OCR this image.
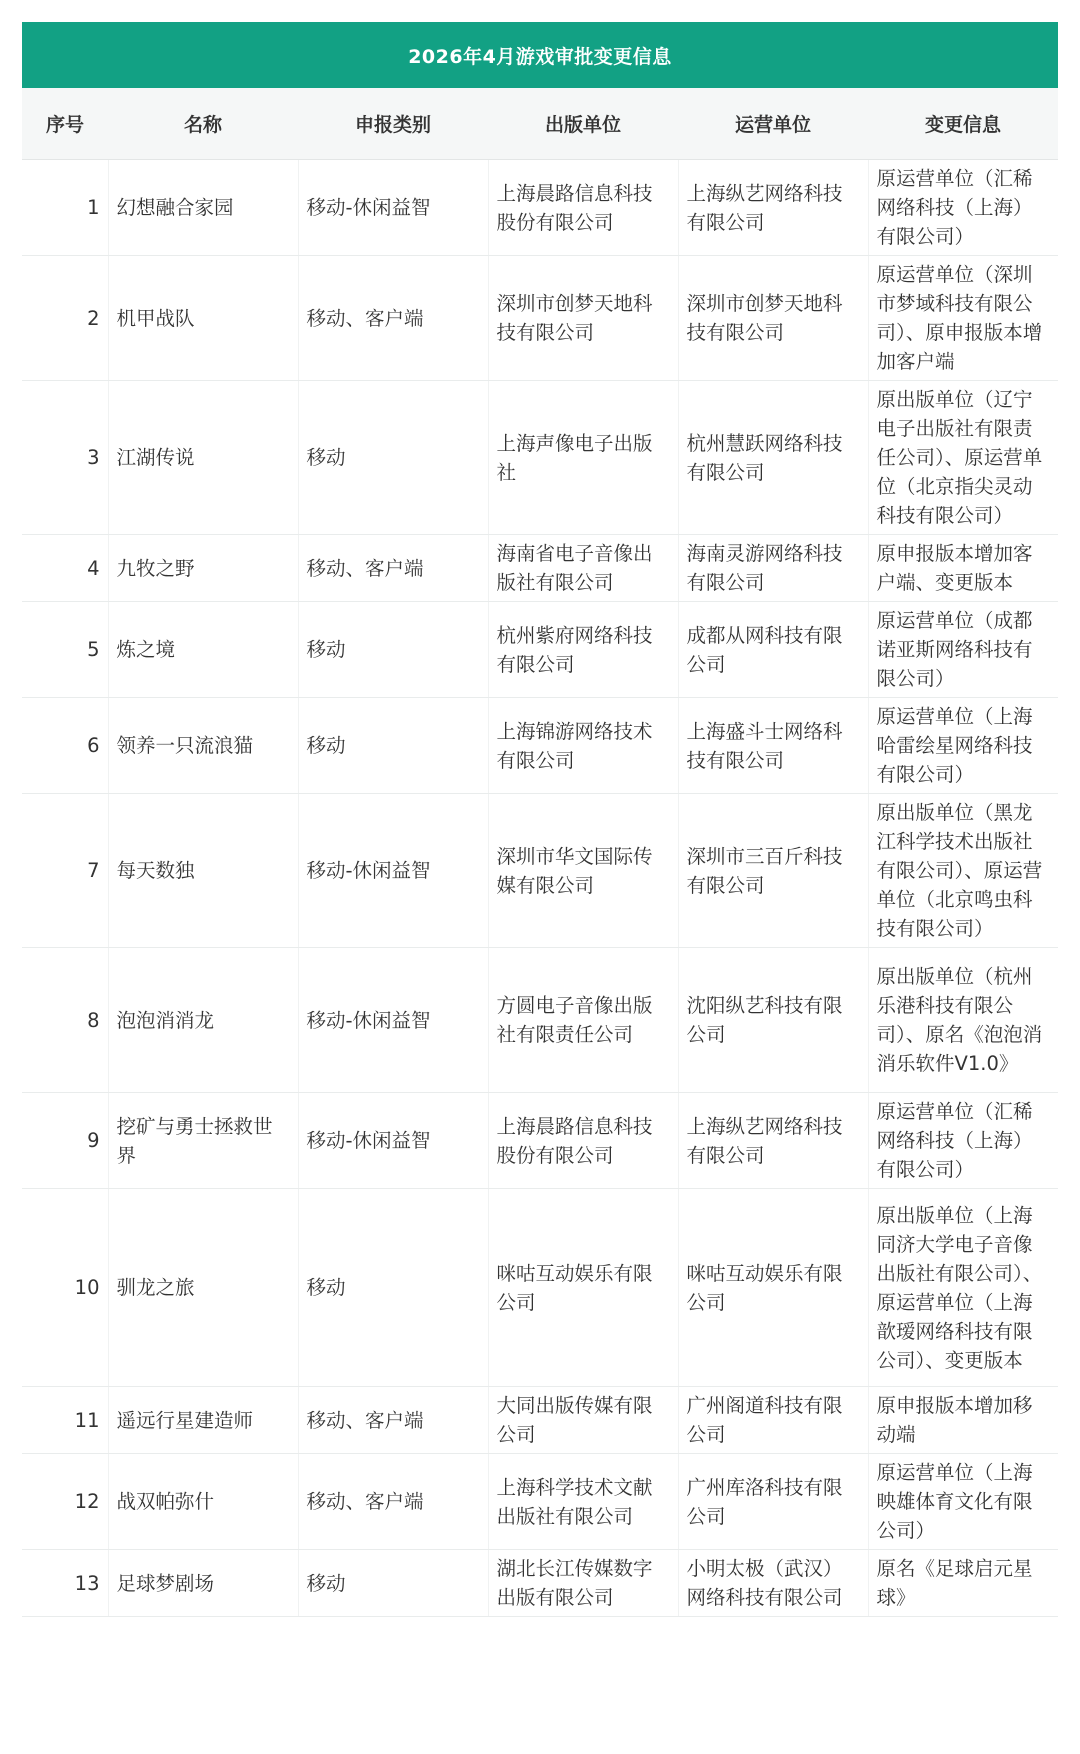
2026年4月游戏审批变更信息
序号	名称	申报类别	出版单位	运营单位	变更信息
1	幻想融合家园	移动-休闲益智	上海晨路信息科技股份有限公司	上海纵艺网络科技有限公司	原运营单位（汇稀网络科技（上海）有限公司）
2	机甲战队	移动、客户端	深圳市创梦天地科技有限公司	深圳市创梦天地科技有限公司	原运营单位（深圳市梦域科技有限公司）、原申报版本增加客户端
3	江湖传说	移动	上海声像电子出版社	杭州慧跃网络科技有限公司	原出版单位（辽宁电子出版社有限责任公司）、原运营单位（北京指尖灵动科技有限公司）
4	九牧之野	移动、客户端	海南省电子音像出版社有限公司	海南灵游网络科技有限公司	原申报版本增加客户端、变更版本
5	炼之境	移动	杭州紫府网络科技有限公司	成都从网科技有限公司	原运营单位（成都诺亚斯网络科技有限公司）
6	领养一只流浪猫	移动	上海锦游网络技术有限公司	上海盛斗士网络科技有限公司	原运营单位（上海哈雷绘星网络科技有限公司）
7	每天数独	移动-休闲益智	深圳市华文国际传媒有限公司	深圳市三百斤科技有限公司	原出版单位（黑龙江科学技术出版社有限公司）、原运营单位（北京鸣虫科技有限公司）
8	泡泡消消龙	移动-休闲益智	方圆电子音像出版社有限责任公司	沈阳纵艺科技有限公司	原出版单位（杭州乐港科技有限公司）、原名《泡泡消消乐软件V1.0》
9	挖矿与勇士拯救世界	移动-休闲益智	上海晨路信息科技股份有限公司	上海纵艺网络科技有限公司	原运营单位（汇稀网络科技（上海）有限公司）
10	驯龙之旅	移动	咪咕互动娱乐有限公司	咪咕互动娱乐有限公司	原出版单位（上海同济大学电子音像出版社有限公司）、原运营单位（上海歆瑷网络科技有限公司）、变更版本
11	遥远行星建造师	移动、客户端	大同出版传媒有限公司	广州阁道科技有限公司	原申报版本增加移动端
12	战双帕弥什	移动、客户端	上海科学技术文献出版社有限公司	广州库洛科技有限公司	原运营单位（上海映雄体育文化有限公司）
13	足球梦剧场	移动	湖北长江传媒数字出版有限公司	小明太极（武汉）网络科技有限公司	原名《足球启元星球》
